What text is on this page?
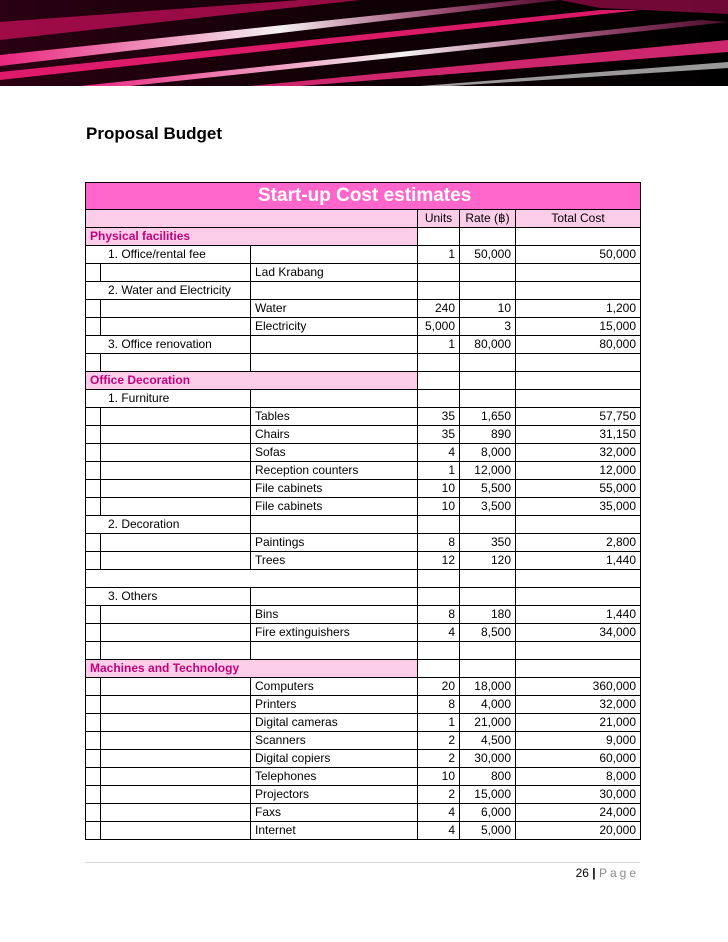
Proposal Budget
Start-up Cost estimates					
			Units	Rate (฿)	Total Cost
Physical facilities					
1. Office/rental fee			1	50,000	50,000
		Lad Krabang			
2. Water and Electricity					
		Water	240	10	1,200
		Electricity	5,000	3	15,000
3. Office renovation			1	80,000	80,000

Office Decoration					
1. Furniture					
		Tables	35	1,650	57,750
		Chairs	35	890	31,150
		Sofas	4	8,000	32,000
		Reception counters	1	12,000	12,000
		File cabinets	10	5,500	55,000
		File cabinets	10	3,500	35,000
2. Decoration					
		Paintings	8	350	2,800
		Trees	12	120	1,440

3. Others					
		Bins	8	180	1,440
		Fire extinguishers	4	8,500	34,000

Machines and Technology					
		Computers	20	18,000	360,000
		Printers	8	4,000	32,000
		Digital cameras	1	21,000	21,000
		Scanners	2	4,500	9,000
		Digital copiers	2	30,000	60,000
		Telephones	10	800	8,000
		Projectors	2	15,000	30,000
		Faxs	4	6,000	24,000
		Internet	4	5,000	20,000
26 | Page
